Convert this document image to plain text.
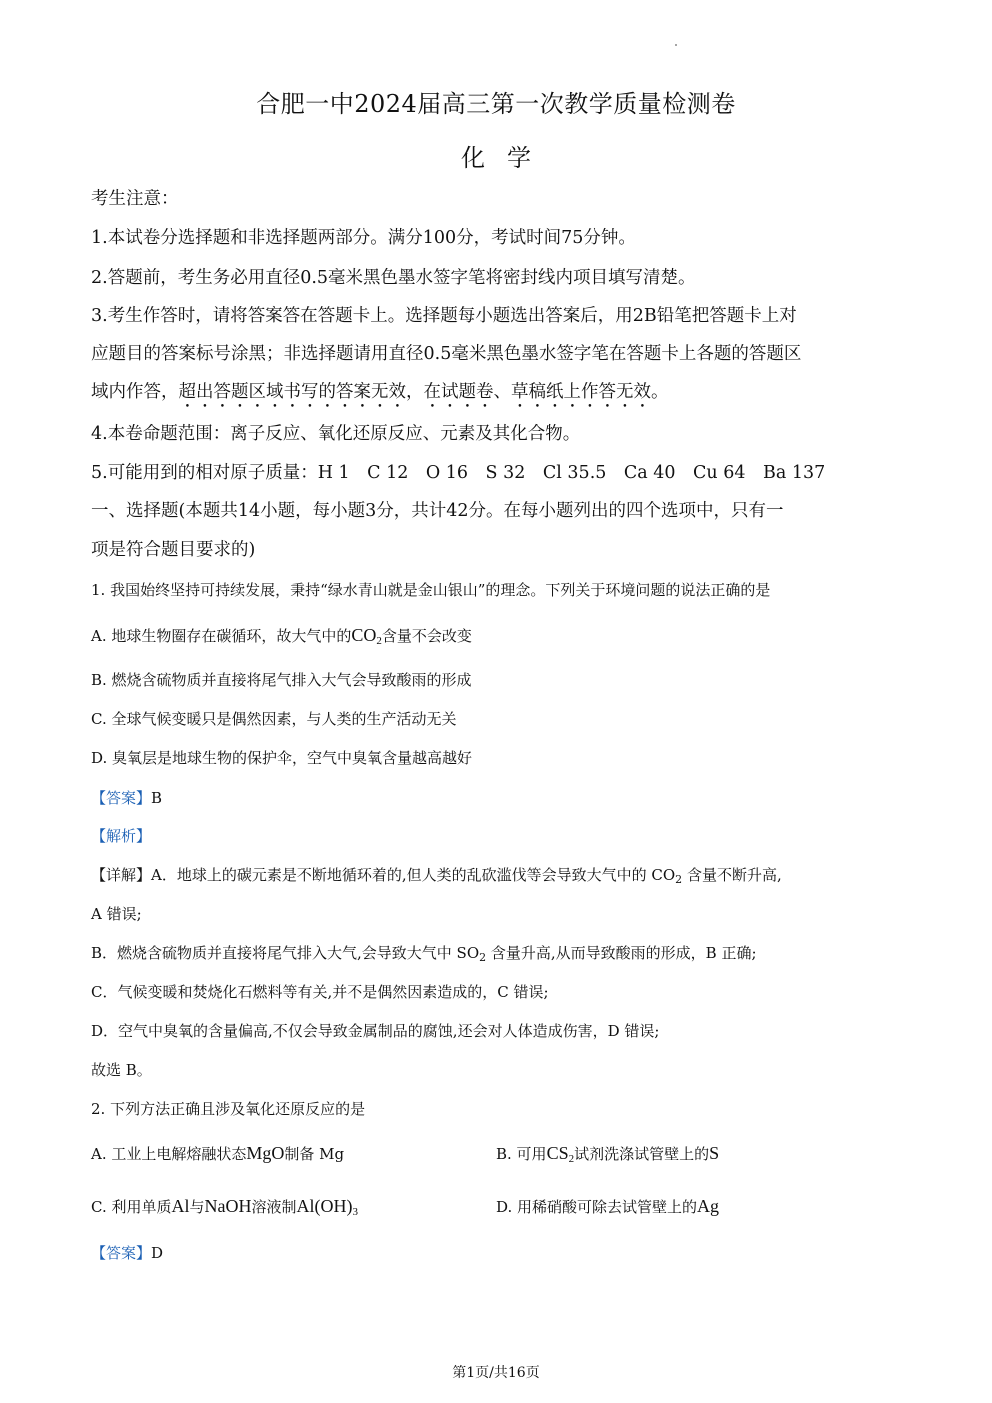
合肥一中2024届高三第一次教学质量检测卷
化学
考生注意：
1.本试卷分选择题和非选择题两部分。满分100分，考试时间75分钟。
2.答题前，考生务必用直径0.5毫米黑色墨水签字笔将密封线内项目填写清楚。
3.考生作答时，请将答案答在答题卡上。选择题每小题选出答案后，用2B铅笔把答题卡上对
应题目的答案标号涂黑；非选择题请用直径0.5毫米黑色墨水签字笔在答题卡上各题的答题区
域内作答，超出答题区域书写的答案无效，在试题卷、草稿纸上作答无效。
4.本卷命题范围：离子反应、氧化还原反应、元素及其化合物。
5.可能用到的相对原子质量：H 1　C 12　O 16　S 32　Cl 35.5　Ca 40　Cu 64　Ba 137
一、选择题(本题共14小题，每小题3分，共计42分。在每小题列出的四个选项中，只有一
项是符合题目要求的)
1. 我国始终坚持可持续发展，秉持“绿水青山就是金山银山”的理念。下列关于环境问题的说法正确的是
A. 地球生物圈存在碳循环，故大气中的$CO_2$含量不会改变
B. 燃烧含硫物质并直接将尾气排入大气会导致酸雨的形成
C. 全球气候变暖只是偶然因素，与人类的生产活动无关
D. 臭氧层是地球生物的保护伞，空气中臭氧含量越高越好
【答案】B
【解析】
【详解】A．地球上的碳元素是不断地循环着的,但人类的乱砍滥伐等会导致大气中的 $CO_2$ 含量不断升高,
A 错误;
B．燃烧含硫物质并直接将尾气排入大气,会导致大气中 $SO_2$ 含量升高,从而导致酸雨的形成，B 正确;
C．气候变暖和焚烧化石燃料等有关,并不是偶然因素造成的，C 错误;
D．空气中臭氧的含量偏高,不仅会导致金属制品的腐蚀,还会对人体造成伤害，D 错误;
故选 B。
2. 下列方法正确且涉及氧化还原反应的是
A. 工业上电解熔融状态MgO制备 Mg	B. 可用$CS_2$试剂洗涤试管壁上的S
C. 利用单质Al与NaOH溶液制$Al(OH)_3$	D. 用稀硝酸可除去试管壁上的Ag
【答案】D
第1页/共16页
